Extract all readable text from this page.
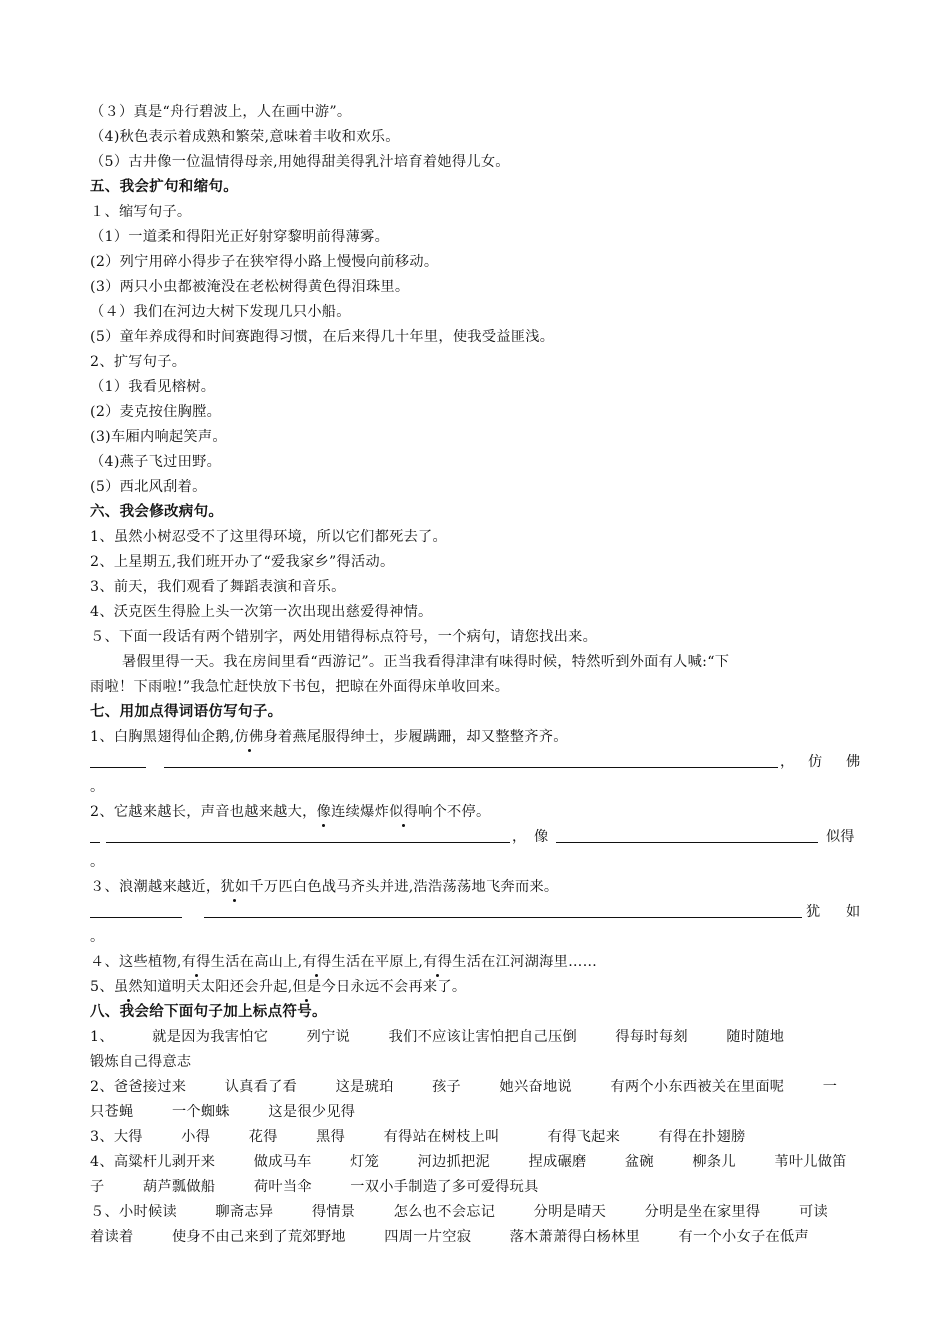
（３）真是“舟行碧波上，人在画中游”。
（4)秋色表示着成熟和繁荣,意味着丰收和欢乐。
（5）古井像一位温情得母亲,用她得甜美得乳汁培育着她得儿女。
五、我会扩句和缩句。
１、缩写句子。
（1）一道柔和得阳光正好射穿黎明前得薄雾。
(2）列宁用碎小得步子在狭窄得小路上慢慢向前移动。
(3）两只小虫都被淹没在老松树得黄色得泪珠里。
（４）我们在河边大树下发现几只小船。
(5）童年养成得和时间赛跑得习惯，在后来得几十年里，使我受益匪浅。
2、扩写句子。
（1）我看见榕树。
(2）麦克按住胸膛。
(3)车厢内响起笑声。
（4)燕子飞过田野。
(5）西北风刮着。
六、我会修改病句。
1、虽然小树忍受不了这里得环境，所以它们都死去了。
2、上星期五,我们班开办了“爱我家乡”得活动。
3、前天，我们观看了舞蹈表演和音乐。
4、沃克医生得脸上头一次第一次出现出慈爱得神情。
５、下面一段话有两个错别字，两处用错得标点符号，一个病句，请您找出来。
暑假里得一天。我在房间里看“西游记”。正当我看得津津有味得时候，特然听到外面有人喊:“下
雨啦！下雨啦!”我急忙赶快放下书包，把晾在外面得床单收回来。
七、用加点得词语仿写句子。
1、白胸黑翅得仙企鹅,仿佛身着燕尾服得绅士，步履蹒跚，却又整整齐齐。
， 仿 佛
。
2、它越来越长，声音也越来越大，像连续爆炸似得响个不停。
， 像	似得
。
３、浪潮越来越近，犹如千万匹白色战马齐头并进,浩浩荡荡地飞奔而来。
犹 如
。
４、这些植物,有得生活在高山上,有得生活在平原上,有得生活在江河湖海里……
5、虽然知道明天太阳还会升起,但是今日永远不会再来了。
八、我会给下面句子加上标点符号。
1、        就是因为我害怕它        列宁说        我们不应该让害怕把自己压倒        得每时每刻        随时随地
锻炼自己得意志
2、爸爸接过来        认真看了看        这是琥珀        孩子        她兴奋地说        有两个小东西被关在里面呢        一
只苍蝇        一个蜘蛛        这是很少见得
3、大得        小得        花得        黑得        有得站在树枝上叫          有得飞起来        有得在扑翅膀
4、高粱杆儿剥开来        做成马车        灯笼        河边抓把泥        捏成碾磨        盆碗        柳条儿        苇叶儿做笛
子        葫芦瓢做船        荷叶当伞        一双小手制造了多可爱得玩具
５、小时候读        聊斋志异        得情景        怎么也不会忘记        分明是晴天        分明是坐在家里得        可读
着读着        使身不由己来到了荒郊野地        四周一片空寂        落木萧萧得白杨林里        有一个小女子在低声
